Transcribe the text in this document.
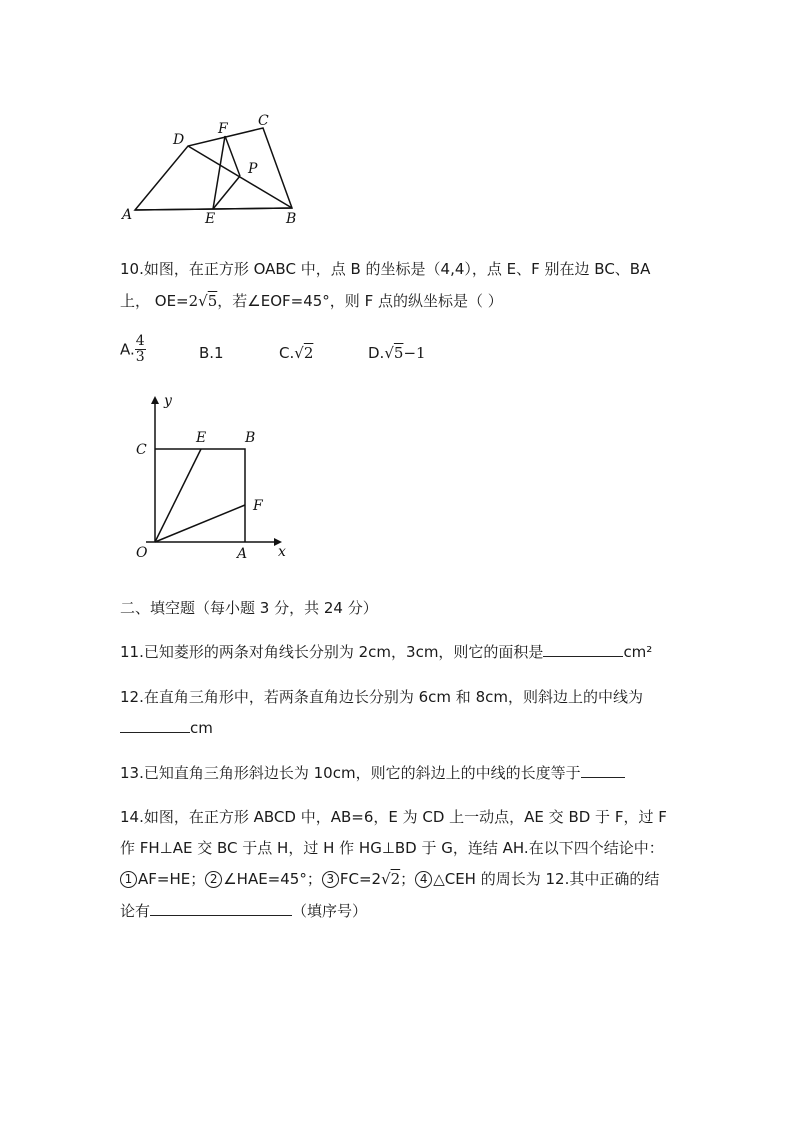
A
D
F C
P
E	B
10.如图，在正方形 OABC 中，点 B 的坐标是（4,4），点 E、F 别在边 BC、BA
上， OE=2√5，若∠EOF=45°，则 F 点的纵坐标是（ ）
A. $\frac{4}{3}$	B.1	C.√2	D.√5−1
y
C
E	B
F
O	A x
二、填空题（每小题 3 分，共 24 分）
11.已知菱形的两条对角线长分别为 2cm，3cm，则它的面积是	cm²
12.在直角三角形中，若两条直角边长分别为 6cm 和 8cm，则斜边上的中线为
cm
13.已知直角三角形斜边长为 10cm，则它的斜边上的中线的长度等于
14.如图，在正方形 ABCD 中，AB=6，E 为 CD 上一动点，AE 交 BD 于 F，过 F
作 FH⊥AE 交 BC 于点 H，过 H 作 HG⊥BD 于 G，连结 AH.在以下四个结论中：
1 AF=HE； 2 ∠HAE=45°； 3 FC=2√2； 4 △CEH 的周长为 12.其中正确的结
论有	（填序号）
